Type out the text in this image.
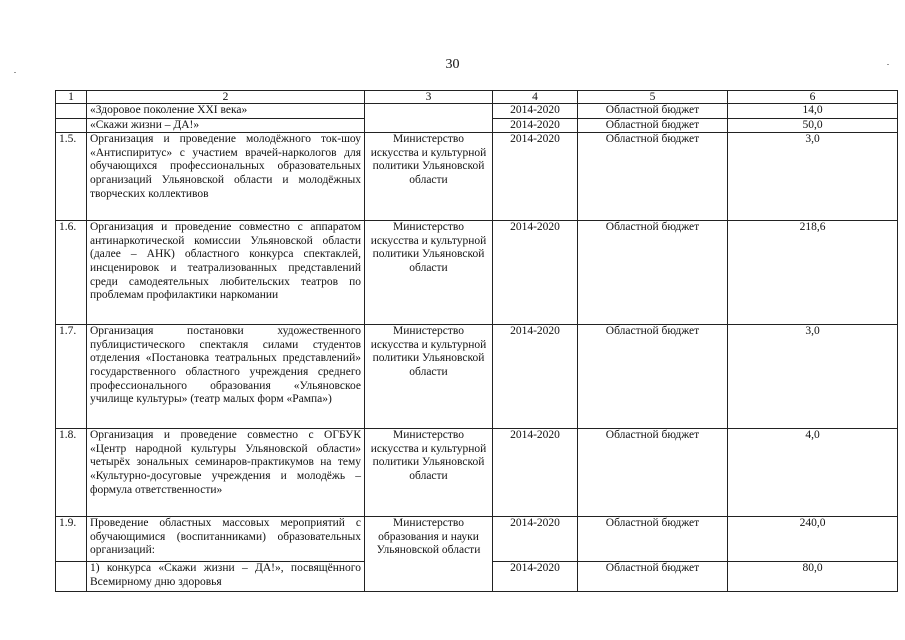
30
1	2	3	4	5	6
	«Здоровое поколение XXI века»		2014-2020	Областной бюджет	14,0
	«Скажи жизни – ДА!»		2014-2020	Областной бюджет	50,0
1.5.	Организация и проведение молодёжного ток-шоу «Антиспиритус» с участием врачей-наркологов для обучающихся профессиональных образовательных организаций Ульяновской области и молодёжных творческих коллективов	Министерство искусства и культурной политики Ульяновской области	2014-2020	Областной бюджет	3,0
1.6.	Организация и проведение совместно с аппаратом антинаркотической комиссии Ульяновской области (далее – АНК) областного конкурса спектаклей, инсценировок и театрализованных представлений среди самодеятельных любительских театров по проблемам профилактики наркомании	Министерство искусства и культурной политики Ульяновской области	2014-2020	Областной бюджет	218,6
1.7.	Организация постановки художественного публицистического спектакля силами студентов отделения «Постановка театральных представлений» государственного областного учреждения среднего профессионального образования «Ульяновское училище культуры» (театр малых форм «Рампа»)	Министерство искусства и культурной политики Ульяновской области	2014-2020	Областной бюджет	3,0
1.8.	Организация и проведение совместно с ОГБУК «Центр народной культуры Ульяновской области» четырёх зональных семинаров-практикумов на тему «Культурно-досуговые учреждения и молодёжь – формула ответственности»	Министерство искусства и культурной политики Ульяновской области	2014-2020	Областной бюджет	4,0
1.9.	Проведение областных массовых мероприятий с обучающимися (воспитанниками) образовательных организаций:	Министерство образования и науки Ульяновской области	2014-2020	Областной бюджет	240,0
	1) конкурса «Скажи жизни – ДА!», посвящённого Всемирному дню здоровья		2014-2020	Областной бюджет	80,0
